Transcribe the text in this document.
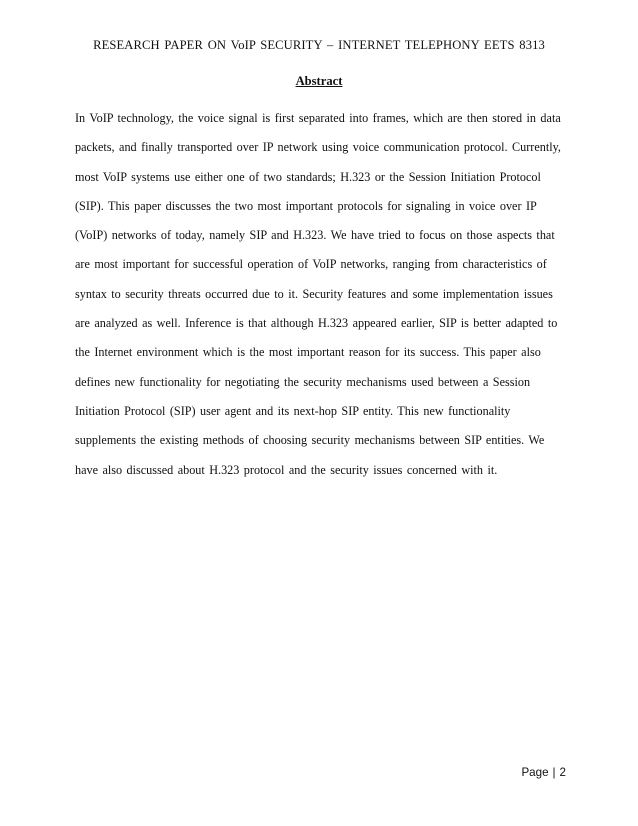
RESEARCH PAPER ON VoIP SECURITY – INTERNET TELEPHONY EETS 8313
Abstract
In VoIP technology, the voice signal is first separated into frames, which are then stored in data
packets, and finally transported over IP network using voice communication protocol. Currently,
most VoIP systems use either one of two standards; H.323 or the Session Initiation Protocol
(SIP). This paper discusses the two most important protocols for signaling in voice over IP
(VoIP) networks of today, namely SIP and H.323. We have tried to focus on those aspects that
are most important for successful operation of VoIP networks, ranging from characteristics of
syntax to security threats occurred due to it. Security features and some implementation issues
are analyzed as well. Inference is that although H.323 appeared earlier, SIP is better adapted to
the Internet environment which is the most important reason for its success. This paper also
defines new functionality for negotiating the security mechanisms used between a Session
Initiation Protocol (SIP) user agent and its next-hop SIP entity. This new functionality
supplements the existing methods of choosing security mechanisms between SIP entities. We
have also discussed about H.323 protocol and the security issues concerned with it.
Page | 2
